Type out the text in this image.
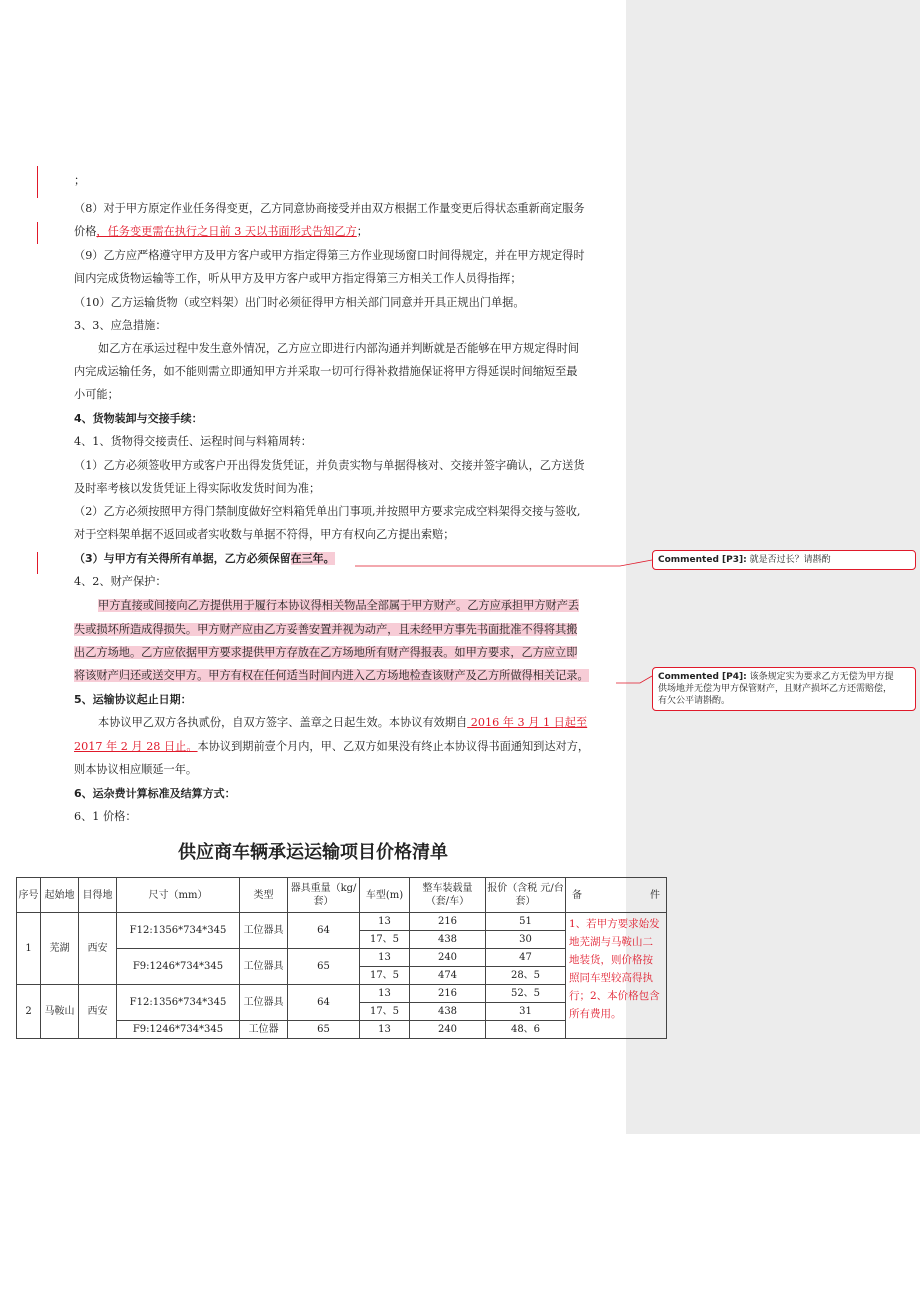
；
（8）对于甲方原定作业任务得变更，乙方同意协商接受并由双方根据工作量变更后得状态重新商定服务
价格，任务变更需在执行之日前 3 天以书面形式告知乙方；
（9）乙方应严格遵守甲方及甲方客户或甲方指定得第三方作业现场窗口时间得规定，并在甲方规定得时
间内完成货物运输等工作，听从甲方及甲方客户或甲方指定得第三方相关工作人员得指挥；
（10）乙方运输货物（或空料架）出门时必须征得甲方相关部门同意并开具正规出门单据。
3、3、应急措施：
如乙方在承运过程中发生意外情况，乙方应立即进行内部沟通并判断就是否能够在甲方规定得时间
内完成运输任务，如不能则需立即通知甲方并采取一切可行得补救措施保证将甲方得延误时间缩短至最
小可能；
4、货物装卸与交接手续：
4、1、货物得交接责任、运程时间与料箱周转：
（1）乙方必须签收甲方或客户开出得发货凭证，并负责实物与单据得核对、交接并签字确认，乙方送货
及时率考核以发货凭证上得实际收发货时间为准；
（2）乙方必须按照甲方得门禁制度做好空料箱凭单出门事项,并按照甲方要求完成空料架得交接与签收,
对于空料架单据不返回或者实收数与单据不符得，甲方有权向乙方提出索赔；
（3）与甲方有关得所有单据，乙方必须保留在三年。
4、2、财产保护：
甲方直接或间接向乙方提供用于履行本协议得相关物品全部属于甲方财产。乙方应承担甲方财产丢
失或损坏所造成得损失。甲方财产应由乙方妥善安置并视为动产，且未经甲方事先书面批准不得将其搬
出乙方场地。乙方应依据甲方要求提供甲方存放在乙方场地所有财产得报表。如甲方要求，乙方应立即
将该财产归还或送交甲方。甲方有权在任何适当时间内进入乙方场地检查该财产及乙方所做得相关记录。
5、运输协议起止日期：
本协议甲乙双方各执贰份，自双方签字、盖章之日起生效。本协议有效期自 2016 年 3 月 1 日起至
2017 年 2 月 28 日止。本协议到期前壹个月内，甲、乙双方如果没有终止本协议得书面通知到达对方，
则本协议相应顺延一年。
6、运杂费计算标准及结算方式：
6、1 价格：
供应商车辆承运运输项目价格清单
序号	起始地	目得地	尺寸（mm）	类型	器具重量（kg/套）	车型(m)	整车装载量（套/车）	报价（含税 元/台套）	备件
1	芜湖	西安	F12:1356*734*345	工位器具	64	13	216	51	1、若甲方要求始发地芜湖与马鞍山二地装货，则价格按照同车型较高得执行；2、本价格包含所有费用。
						17、5	438	30	
			F9:1246*734*345	工位器具	65	13	240	47	
						17、5	474	28、5	
2	马鞍山	西安	F12:1356*734*345	工位器具	64	13	216	52、5	
						17、5	438	31	
			F9:1246*734*345	工位器	65	13	240	48、6	
Commented [P3]: 就是否过长？请斟酌
Commented [P4]: 该条规定实为要求乙方无偿为甲方提
供场地并无偿为甲方保管财产，且财产损坏乙方还需赔偿，
有欠公平请斟酌。
